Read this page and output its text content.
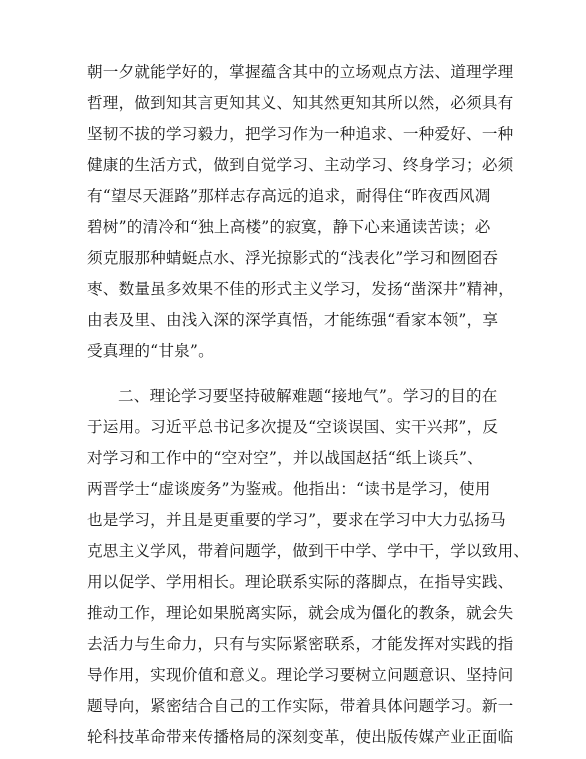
朝一夕就能学好的，掌握蕴含其中的立场观点方法、道理学理
哲理，做到知其言更知其义、知其然更知其所以然，必须具有
坚韧不拔的学习毅力，把学习作为一种追求、一种爱好、一种
健康的生活方式，做到自觉学习、主动学习、终身学习；必须
有“望尽天涯路”那样志存高远的追求，耐得住“昨夜西风凋
碧树”的清冷和“独上高楼”的寂寞，静下心来通读苦读；必
须克服那种蜻蜓点水、浮光掠影式的“浅表化”学习和囫囵吞
枣、数量虽多效果不佳的形式主义学习，发扬“凿深井”精神，
由表及里、由浅入深的深学真悟，才能练强“看家本领”，享
受真理的“甘泉”。
二、理论学习要坚持破解难题“接地气”。学习的目的在
于运用。习近平总书记多次提及“空谈误国、实干兴邦”，反
对学习和工作中的“空对空”，并以战国赵括“纸上谈兵”、
两晋学士“虚谈废务”为鉴戒。他指出：“读书是学习，使用
也是学习，并且是更重要的学习”，要求在学习中大力弘扬马
克思主义学风，带着问题学，做到干中学、学中干，学以致用、
用以促学、学用相长。理论联系实际的落脚点，在指导实践、
推动工作，理论如果脱离实际，就会成为僵化的教条，就会失
去活力与生命力，只有与实际紧密联系，才能发挥对实践的指
导作用，实现价值和意义。理论学习要树立问题意识、坚持问
题导向，紧密结合自己的工作实际，带着具体问题学习。新一
轮科技革命带来传播格局的深刻变革，使出版传媒产业正面临
